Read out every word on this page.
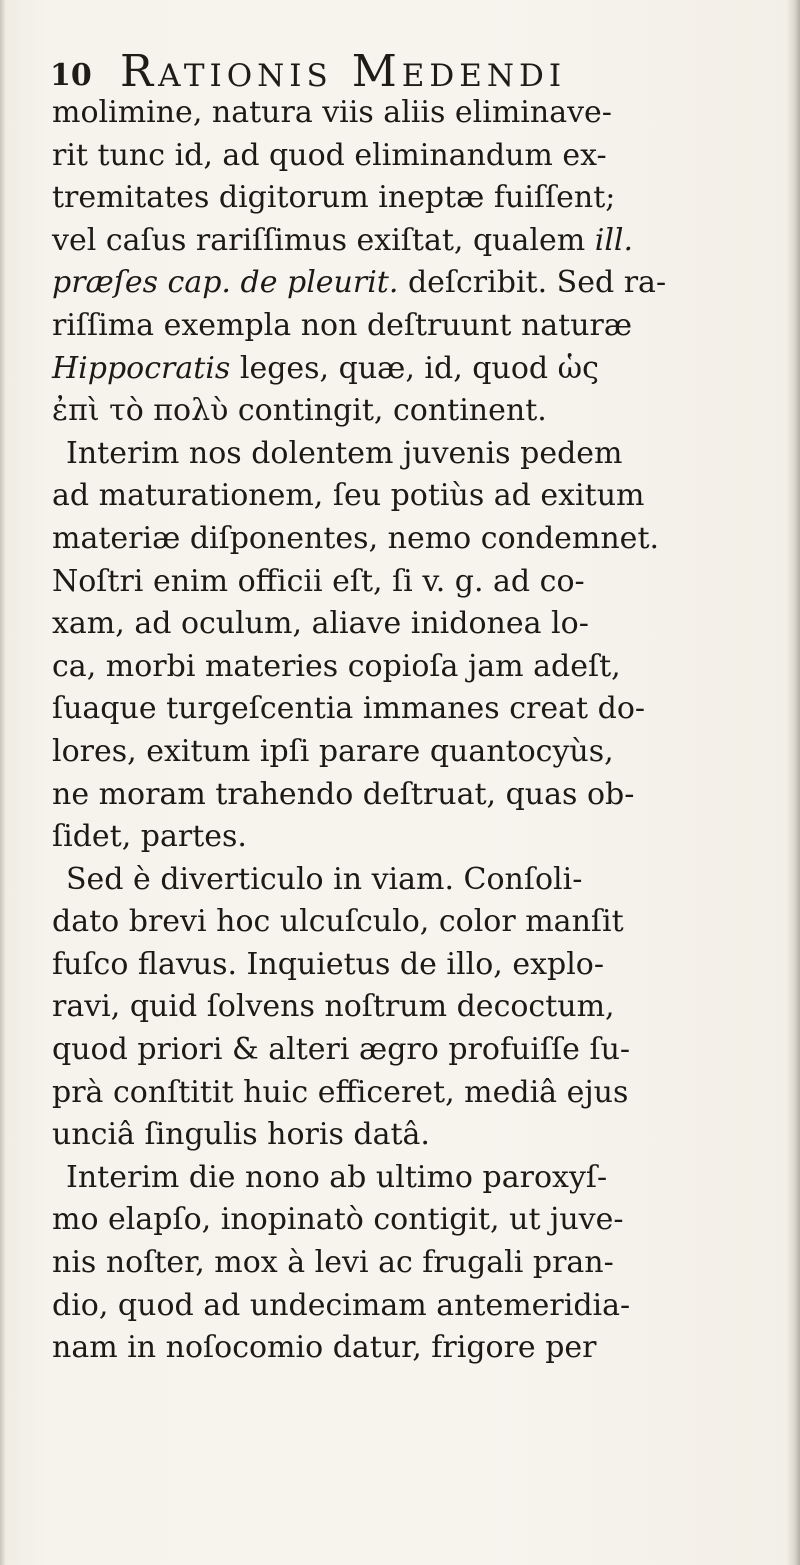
10 Rationis Medendi
molimine, natura viis aliis eliminave-
rit tunc id, ad quod eliminandum ex-
tremitates digitorum ineptæ fuiſſent;
vel caſus rariſſimus exiſtat, qualem ill.
præſes cap. de pleurit. deſcribit. Sed ra-
riſſima exempla non deſtruunt naturæ
Hippocratis leges, quæ, id, quod ὡς
ἐπὶ τὸ πολὺ contingit, continent.
Interim nos dolentem juvenis pedem
ad maturationem, ſeu potiùs ad exitum
materiæ diſponentes, nemo condemnet.
Noſtri enim officii eſt, ſi v. g. ad co-
xam, ad oculum, aliave inidonea lo-
ca, morbi materies copioſa jam adeſt,
ſuaque turgeſcentia immanes creat do-
lores, exitum ipſi parare quantocyùs,
ne moram trahendo deſtruat, quas ob-
ſidet, partes.
Sed è diverticulo in viam. Conſoli-
dato brevi hoc ulcuſculo, color manſit
fuſco flavus. Inquietus de illo, explo-
ravi, quid ſolvens noſtrum decoctum,
quod priori & alteri ægro profuiſſe ſu-
prà conſtitit huic efficeret, mediâ ejus
unciâ ſingulis horis datâ.
Interim die nono ab ultimo paroxyſ-
mo elapſo, inopinatò contigit, ut juve-
nis noſter, mox à levi ac frugali pran-
dio, quod ad undecimam antemeridia-
nam in noſocomio datur, frigore per
